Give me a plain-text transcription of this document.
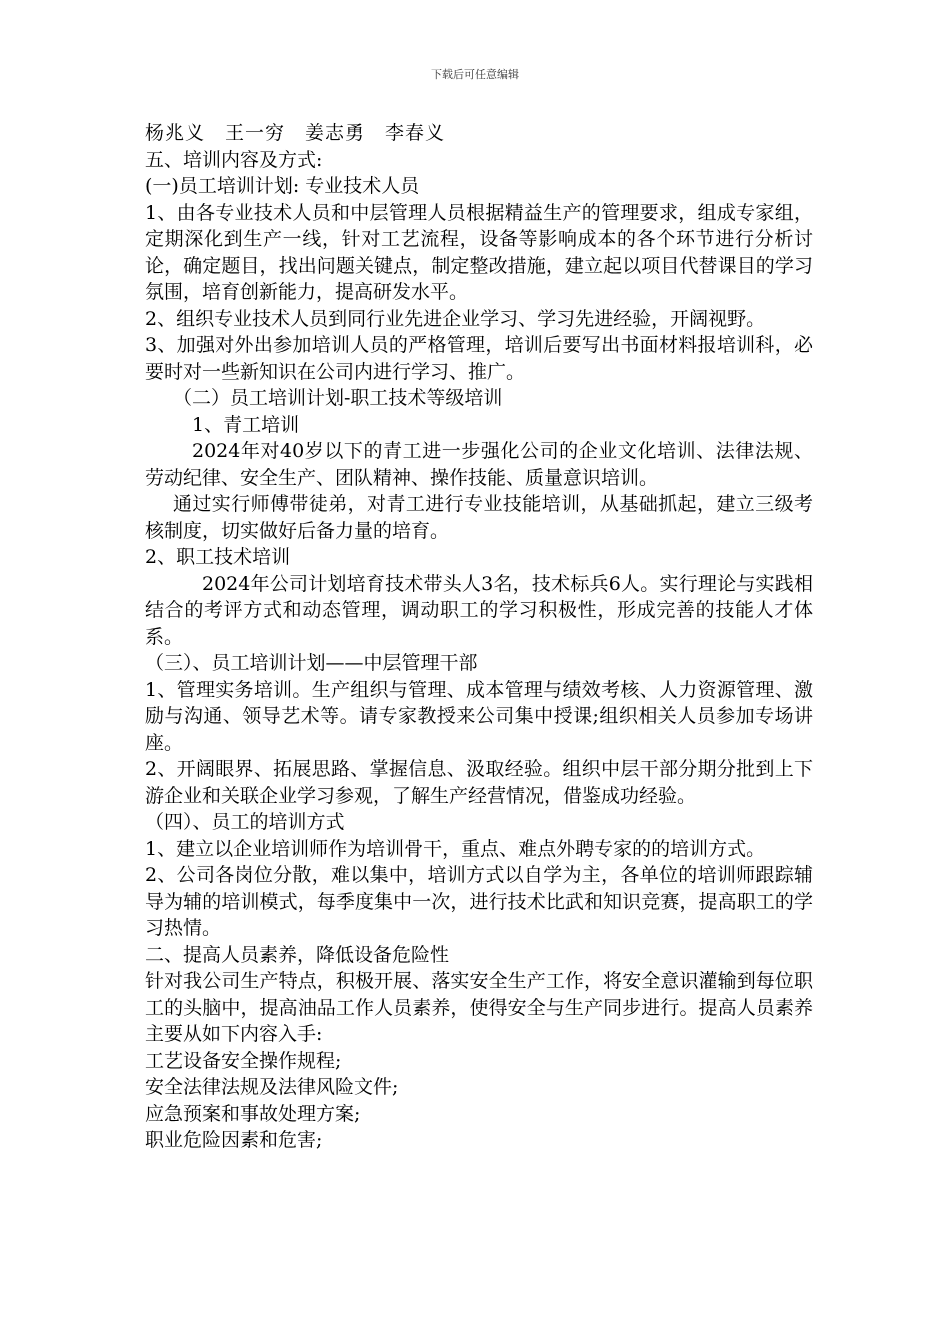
下载后可任意编辑

杨兆义　王一穷　姜志勇　李春义

五、培训内容及方式:

(一)员工培训计划: 专业技术人员

1、由各专业技术人员和中层管理人员根据精益生产的管理要求，组成专家组，定期深化到生产一线，针对工艺流程，设备等影响成本的各个环节进行分析讨论，确定题目，找出问题关键点，制定整改措施，建立起以项目代替课目的学习氛围，培育创新能力，提高研发水平。

2、组织专业技术人员到同行业先进企业学习、学习先进经验，开阔视野。

3、加强对外出参加培训人员的严格管理，培训后要写出书面材料报培训科，必要时对一些新知识在公司内进行学习、推广。

（二）员工培训计划-职工技术等级培训

1、青工培训

2024年对40岁以下的青工进一步强化公司的企业文化培训、法律法规、劳动纪律、安全生产、团队精神、操作技能、质量意识培训。

通过实行师傅带徒弟，对青工进行专业技能培训，从基础抓起，建立三级考核制度，切实做好后备力量的培育。

2、职工技术培训

2024年公司计划培育技术带头人3名，技术标兵6人。实行理论与实践相结合的考评方式和动态管理，调动职工的学习积极性，形成完善的技能人才体系。

（三）、员工培训计划——中层管理干部

1、管理实务培训。生产组织与管理、成本管理与绩效考核、人力资源管理、激励与沟通、领导艺术等。请专家教授来公司集中授课;组织相关人员参加专场讲座。

2、开阔眼界、拓展思路、掌握信息、汲取经验。组织中层干部分期分批到上下游企业和关联企业学习参观，了解生产经营情况，借鉴成功经验。

（四）、员工的培训方式

1、建立以企业培训师作为培训骨干，重点、难点外聘专家的的培训方式。

2、公司各岗位分散，难以集中，培训方式以自学为主，各单位的培训师跟踪辅导为辅的培训模式，每季度集中一次，进行技术比武和知识竞赛，提高职工的学习热情。

二、提高人员素养，降低设备危险性

针对我公司生产特点，积极开展、落实安全生产工作，将安全意识灌输到每位职工的头脑中，提高油品工作人员素养，使得安全与生产同步进行。提高人员素养主要从如下内容入手:

工艺设备安全操作规程;

安全法律法规及法律风险文件;

应急预案和事故处理方案;

职业危险因素和危害;
